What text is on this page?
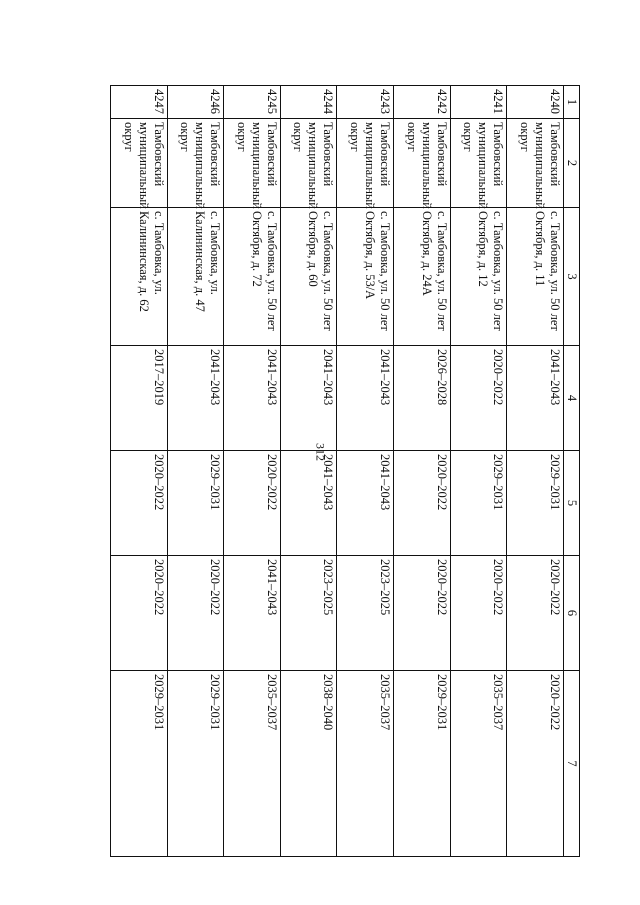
312
1	2	3	4	5	6	7
4240	Тамбовский муниципальный округ	с. Тамбовка, ул. 50 лет Октября, д. 11	2041–2043	2029–2031	2020–2022	2020–2022
4241	Тамбовский муниципальный округ	с. Тамбовка, ул. 50 лет Октября, д. 12	2020–2022	2029–2031	2020–2022	2035–2037
4242	Тамбовский муниципальный округ	с. Тамбовка, ул. 50 лет Октября, д. 24А	2026–2028	2020–2022	2020–2022	2029–2031
4243	Тамбовский муниципальный округ	с. Тамбовка, ул. 50 лет Октября, д. 53/А	2041–2043	2041–2043	2023–2025	2035–2037
4244	Тамбовский муниципальный округ	с. Тамбовка, ул. 50 лет Октября, д. 60	2041–2043	2041–2043	2023–2025	2038–2040
4245	Тамбовский муниципальный округ	с. Тамбовка, ул. 50 лет Октября, д. 72	2041–2043	2020–2022	2041–2043	2035–2037
4246	Тамбовский муниципальный округ	с. Тамбовка, ул. Калининская, д. 47	2041–2043	2029–2031	2020–2022	2029–2031
4247	Тамбовский муниципальный округ	с. Тамбовка, ул. Калининская, д. 62	2017–2019	2020–2022	2020–2022	2029–2031
